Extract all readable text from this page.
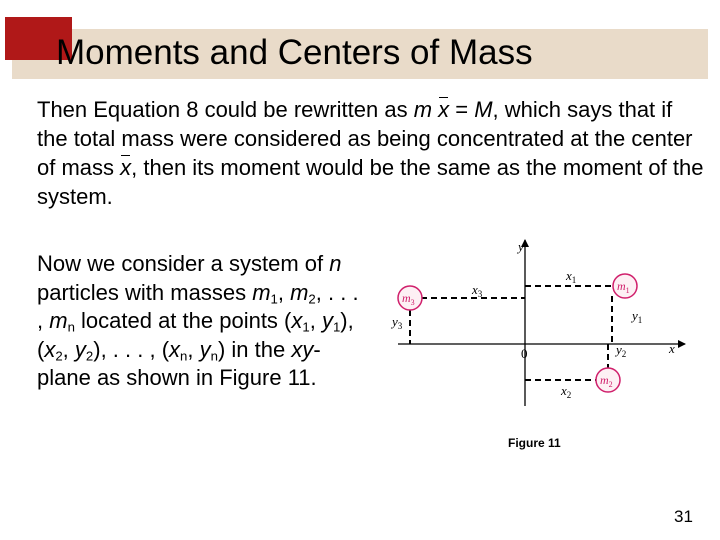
Moments and Centers of Mass

Then Equation 8 could be rewritten as m x = M, which says that if the total mass were considered as being concentrated at the center of mass x, then its moment would be the same as the moment of the system.

Now we consider a system of n particles with masses $m_1$, $m_2$, . . . , $m_n$ located at the points ($x_1$, $y_1$), ($x_2$, $y_2$), . . . , ($x_n$, $y_n$) in the xy-plane as shown in Figure 11.

y
x
$x_1$
$x_3$
$y_1$
$y_3$
$y_2$
$x_2$
0
$m_1$
$m_3$
$m_2$
Figure 11
31
